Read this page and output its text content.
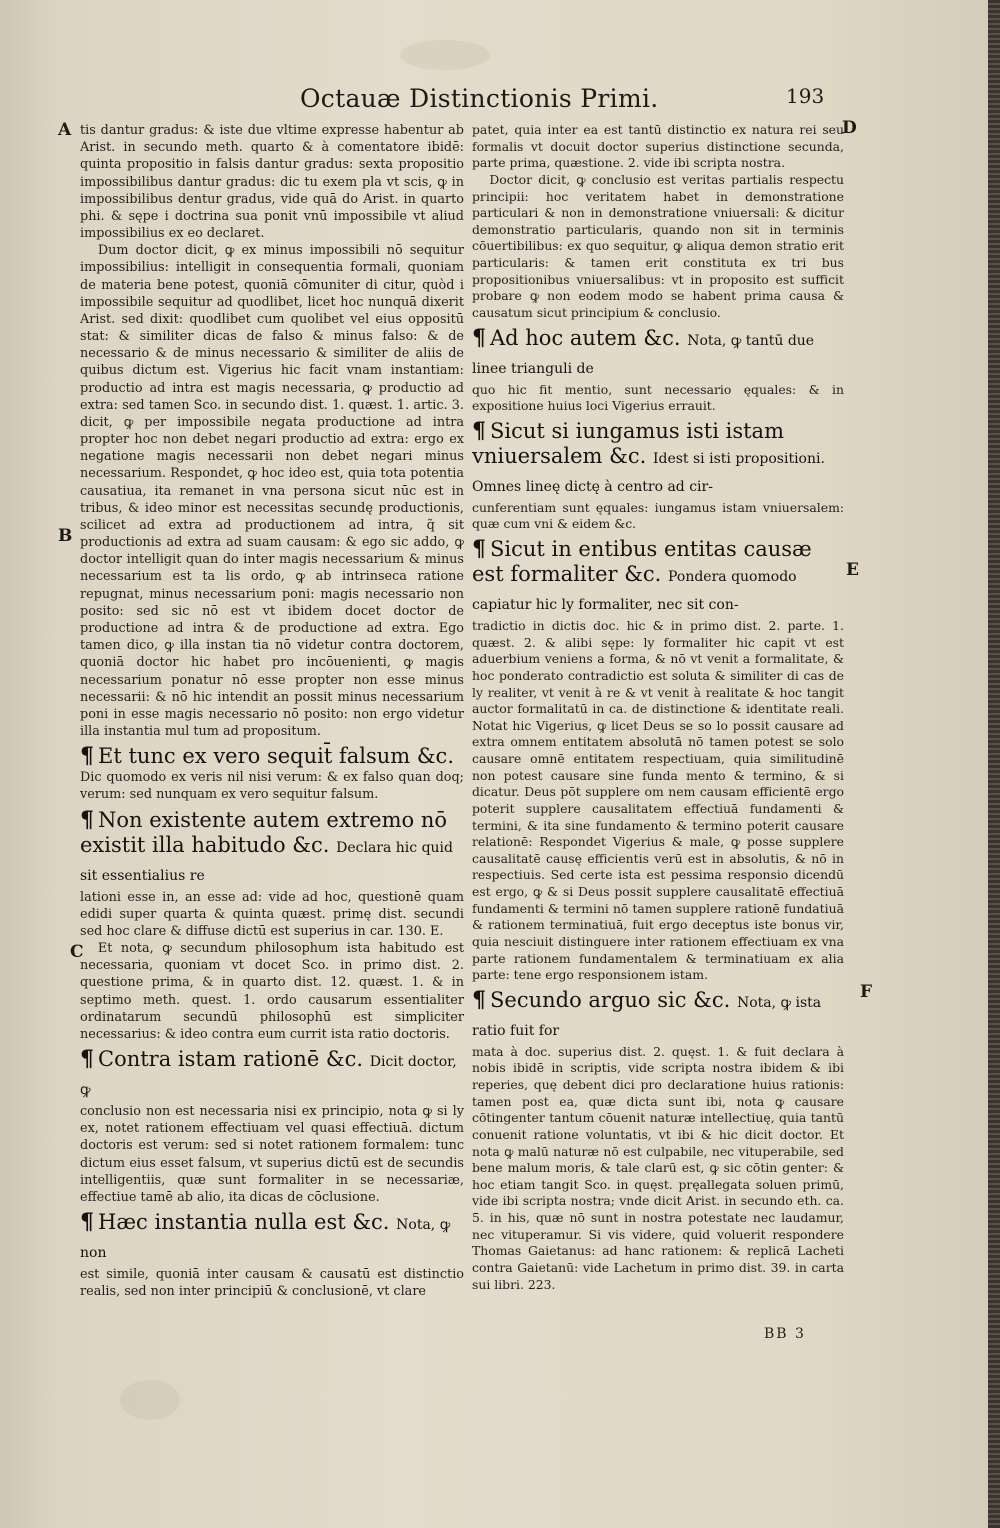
Octauæ Distinctionis Primi.	193
A
B
C
D
E
F

tis dantur gradus: & iste due vltime expresse habentur ab Arist. in secundo meth. quarto & à comentatore ibidē: quinta propositio in falsis dantur gradus: sexta propositio impossibilibus dantur gradus: dic tu exem pla vt scis, ꝙ in impossibilibus dentur gradus, vide quā do Arist. in quarto phi. & sępe i doctrina sua ponit vnū impossibile vt aliud impossibilius ex eo declaret.

Dum doctor dicit, ꝙ ex minus impossibili nō sequitur impossibilius: intelligit in consequentia formali, quoniam de materia bene potest, quoniā cōmuniter di citur, quòd i impossibile sequitur ad quodlibet, licet hoc nunquā dixerit Arist. sed dixit: quodlibet cum quolibet vel eius oppositū stat: & similiter dicas de falso & minus falso: & de necessario & de minus necessario & similiter de aliis de quibus dictum est. Vigerius hic facit vnam instantiam: productio ad intra est magis necessaria, ꝙ productio ad extra: sed tamen Sco. in secundo dist. 1. quæst. 1. artic. 3. dicit, ꝙ per impossibile negata productione ad intra propter hoc non debet negari productio ad extra: ergo ex negatione magis necessarii non debet negari minus necessarium. Respondet, ꝙ hoc ideo est, quia tota potentia causatiua, ita remanet in vna persona sicut nūc est in tribus, & ideo minor est necessitas secundę productionis, scilicet ad extra ad productionem ad intra, q̃ sit productionis ad extra ad suam causam: & ego sic addo, ꝙ doctor intelligit quan do inter magis necessarium & minus necessarium est ta lis ordo, ꝙ ab intrinseca ratione repugnat, minus necessarium poni: magis necessario non posito: sed sic nō est vt ibidem docet doctor de productione ad intra & de productione ad extra. Ego tamen dico, ꝙ illa instan tia nō videtur contra doctorem, quoniā doctor hic habet pro incōuenienti, ꝙ magis necessarium ponatur nō esse propter non esse minus necessarii: & nō hic intendit an possit minus necessarium poni in esse magis necessario nō posito: non ergo videtur illa instantia mul tum ad propositum.

¶ Et tunc ex vero sequit̄ falsum &c.

Dic quomodo ex veris nil nisi verum: & ex falso quan doq; verum: sed nunquam ex vero sequitur falsum.

¶ Non existente autem extremo nō existit illa habitudo &c. Declara hic quid sit essentialius re

lationi esse in, an esse ad: vide ad hoc, questionē quam edidi super quarta & quinta quæst. primę dist. secundi sed hoc clare & diffuse dictū est superius in car. 130. E.

Et nota, ꝙ secundum philosophum ista habitudo est necessaria, quoniam vt docet Sco. in primo dist. 2. questione prima, & in quarto dist. 12. quæst. 1. & in septimo meth. quest. 1. ordo causarum essentialiter ordinatarum secundū philosophū est simpliciter necessarius: & ideo contra eum currit ista ratio doctoris.

¶ Contra istam rationē &c. Dicit doctor, ꝙ

conclusio non est necessaria nisi ex principio, nota ꝙ si ly ex, notet rationem effectiuam vel quasi effectiuā. dictum doctoris est verum: sed si notet rationem formalem: tunc dictum eius esset falsum, vt superius dictū est de secundis intelligentiis, quæ sunt formaliter in se necessariæ, effectiue tamē ab alio, ita dicas de cōclusione.

¶ Hæc instantia nulla est &c. Nota, ꝙ non

est simile, quoniā inter causam & causatū est distinctio realis, sed non inter principiū & conclusionē, vt clare

patet, quia inter ea est tantū distinctio ex natura rei seu formalis vt docuit doctor superius distinctione secunda, parte prima, quæstione. 2. vide ibi scripta nostra.

Doctor dicit, ꝙ conclusio est veritas partialis respectu principii: hoc veritatem habet in demonstratione particulari & non in demonstratione vniuersali: & dicitur demonstratio particularis, quando non sit in terminis cōuertibilibus: ex quo sequitur, ꝙ aliqua demon stratio erit particularis: & tamen erit constituta ex tri bus propositionibus vniuersalibus: vt in proposito est sufficit probare ꝙ non eodem modo se habent prima causa & causatum sicut principium & conclusio.

¶ Ad hoc autem &c. Nota, ꝙ tantū due linee trianguli de

quo hic fit mentio, sunt necessario ęquales: & in expositione huius loci Vigerius errauit.

¶ Sicut si iungamus isti istam vniuersalem &c. Idest si isti propositioni. Omnes lineę dictę à centro ad cir-

cunferentiam sunt ęquales: iungamus istam vniuersalem: quæ cum vni & eidem &c.

¶ Sicut in entibus entitas causæ est formaliter &c. Pondera quomodo capiatur hic ly formaliter, nec sit con-

tradictio in dictis doc. hic & in primo dist. 2. parte. 1. quæst. 2. & alibi sępe: ly formaliter hic capit vt est aduerbium veniens a forma, & nō vt venit a formalitate, & hoc ponderato contradictio est soluta & similiter di cas de ly realiter, vt venit à re & vt venit à realitate & hoc tangit auctor formalitatū in ca. de distinctione & identitate reali. Notat hic Vigerius, ꝙ licet Deus se so lo possit causare ad extra omnem entitatem absolutā nō tamen potest se solo causare omnē entitatem respectiuam, quia similitudinē non potest causare sine funda mento & termino, & si dicatur. Deus pōt supplere om nem causam efficientē ergo poterit supplere causalitatem effectiuā fundamenti & termini, & ita sine fundamento & termino poterit causare relationē: Respondet Vigerius & male, ꝙ posse supplere causalitatē causę efficientis verū est in absolutis, & nō in respectiuis. Sed certe ista est pessima responsio dicendū est ergo, ꝙ & si Deus possit supplere causalitatē effectiuā fundamenti & termini nō tamen supplere rationē fundatiuā & rationem terminatiuā, fuit ergo deceptus iste bonus vir, quia nesciuit distinguere inter rationem effectiuam ex vna parte rationem fundamentalem & terminatiuam ex alia parte: tene ergo responsionem istam.

¶ Secundo arguo sic &c. Nota, ꝙ ista ratio fuit for

mata à doc. superius dist. 2. quęst. 1. & fuit declara à nobis ibidē in scriptis, vide scripta nostra ibidem & ibi reperies, quę debent dici pro declaratione huius rationis: tamen post ea, quæ dicta sunt ibi, nota ꝙ causare cōtingenter tantum cōuenit naturæ intellectiuę, quia tantū conuenit ratione voluntatis, vt ibi & hic dicit doctor. Et nota ꝙ malū naturæ nō est culpabile, nec vituperabile, sed bene malum moris, & tale clarū est, ꝙ sic cōtin genter: & hoc etiam tangit Sco. in quęst. pręallegata soluen primū, vide ibi scripta nostra; vnde dicit Arist. in secundo eth. ca. 5. in his, quæ nō sunt in nostra potestate nec laudamur, nec vituperamur. Si vis videre, quid voluerit respondere Thomas Gaietanus: ad hanc rationem: & replicā Lacheti contra Gaietanū: vide Lachetum in primo dist. 39. in carta sui libri. 223.

BB 3
